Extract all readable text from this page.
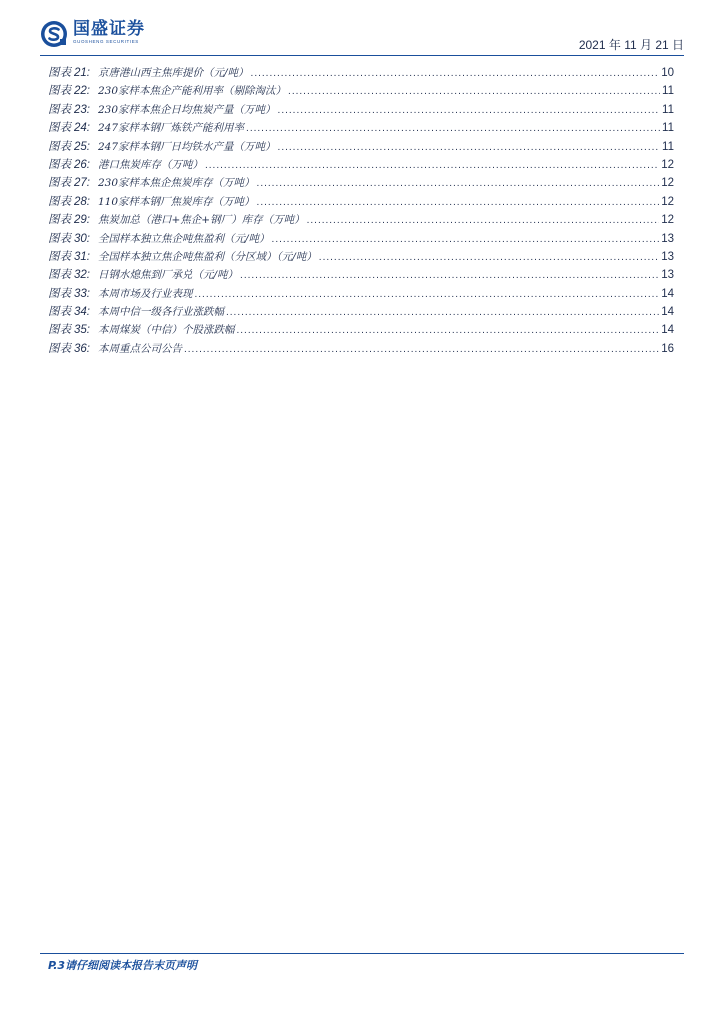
国盛证券
GUOSHENG SECURITIES	2021 年 11 月 21 日
图表 21: 京唐港山西主焦库提价（元/吨） .....	10
图表 22: 230家样本焦企产能利用率（剔除淘汰） .....	11
图表 23: 230家样本焦企日均焦炭产量（万吨） .....	11
图表 24: 247家样本钢厂炼铁产能利用率 .....	11
图表 25: 247家样本钢厂日均铁水产量（万吨） .....	11
图表 26: 港口焦炭库存（万吨） .....	12
图表 27: 230家样本焦企焦炭库存（万吨） .....	12
图表 28: 110家样本钢厂焦炭库存（万吨） .....	12
图表 29: 焦炭加总（港口+焦企+钢厂）库存（万吨） .....	12
图表 30: 全国样本独立焦企吨焦盈利（元/吨） .....	13
图表 31: 全国样本独立焦企吨焦盈利（分区域）（元/吨） .....	13
图表 32: 日钢水熄焦到厂承兑（元/吨） .....	13
图表 33: 本周市场及行业表现 .....	14
图表 34: 本周中信一级各行业涨跌幅 .....	14
图表 35: 本周煤炭（中信）个股涨跌幅 .....	14
图表 36: 本周重点公司公告 .....	16
P.3请仔细阅读本报告末页声明
